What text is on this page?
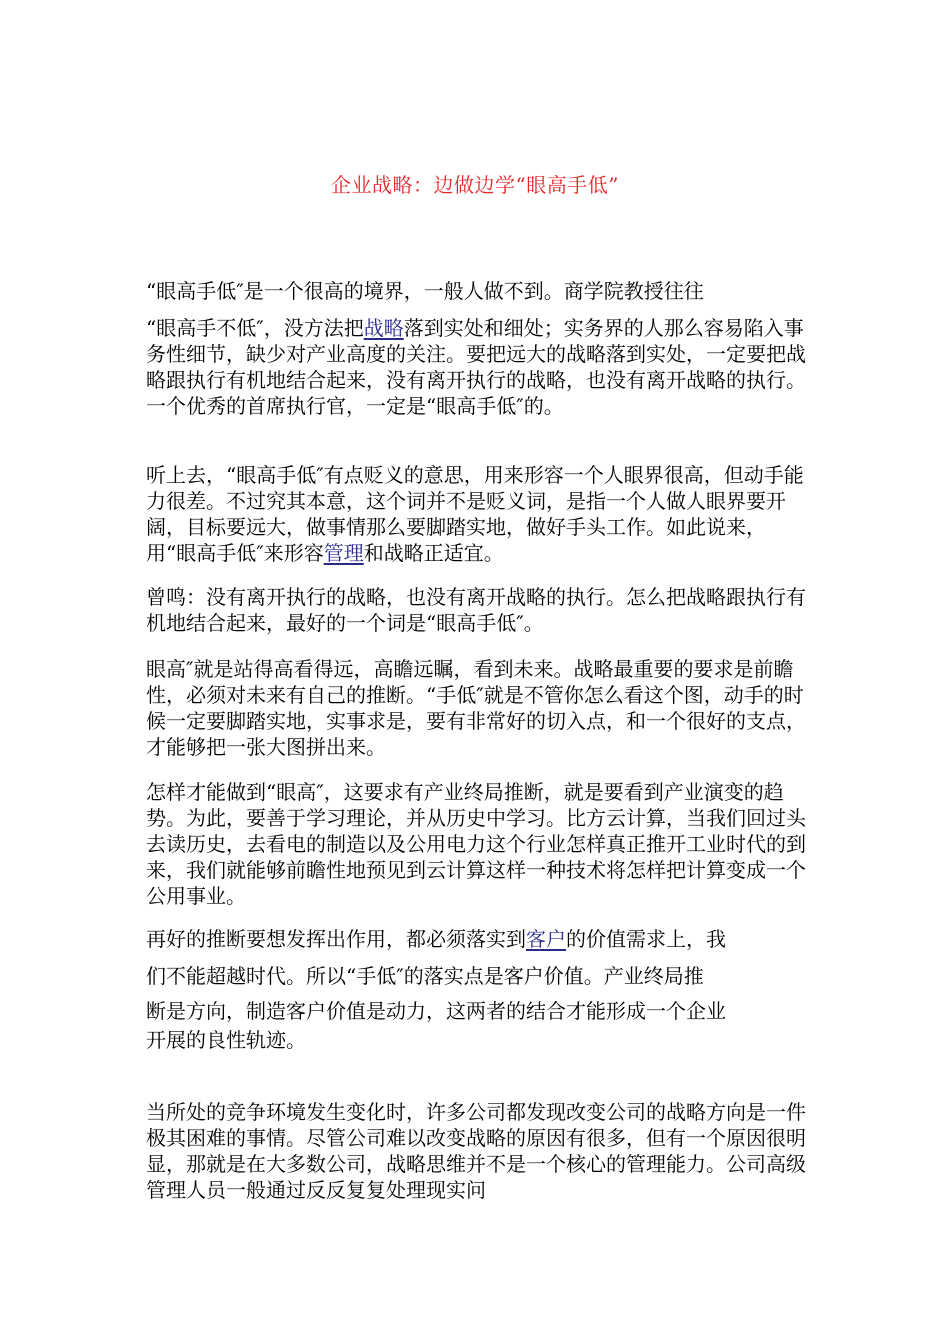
企业战略：边做边学“眼高手低”

“眼高手低″是一个很高的境界，一般人做不到。商学院教授往往

“眼高手不低″，没方法把战略落到实处和细处；实务界的人那么容易陷入事务性细节，缺少对产业高度的关注。要把远大的战略落到实处，一定要把战略跟执行有机地结合起来，没有离开执行的战略，也没有离开战略的执行。一个优秀的首席执行官，一定是“眼高手低″的。

听上去，“眼高手低″有点贬义的意思，用来形容一个人眼界很高，但动手能力很差。不过究其本意，这个词并不是贬义词，是指一个人做人眼界要开阔，目标要远大，做事情那么要脚踏实地，做好手头工作。如此说来，用“眼高手低″来形容管理和战略正适宜。

曾鸣：没有离开执行的战略，也没有离开战略的执行。怎么把战略跟执行有机地结合起来，最好的一个词是“眼高手低″。

眼高″就是站得高看得远，高瞻远瞩，看到未来。战略最重要的要求是前瞻性，必须对未来有自己的推断。“手低″就是不管你怎么看这个图，动手的时候一定要脚踏实地，实事求是，要有非常好的切入点，和一个很好的支点，才能够把一张大图拼出来。

怎样才能做到“眼高″，这要求有产业终局推断，就是要看到产业演变的趋势。为此，要善于学习理论，并从历史中学习。比方云计算，当我们回过头去读历史，去看电的制造以及公用电力这个行业怎样真正推开工业时代的到来，我们就能够前瞻性地预见到云计算这样一种技术将怎样把计算变成一个公用事业。

再好的推断要想发挥出作用，都必须落实到客户的价值需求上，我
们不能超越时代。所以“手低″的落实点是客户价值。产业终局推
断是方向，制造客户价值是动力，这两者的结合才能形成一个企业
开展的良性轨迹。

当所处的竞争环境发生变化时，许多公司都发现改变公司的战略方向是一件极其困难的事情。尽管公司难以改变战略的原因有很多，但有一个原因很明显，那就是在大多数公司，战略思维并不是一个核心的管理能力。公司高级管理人员一般通过反反复复处理现实问
